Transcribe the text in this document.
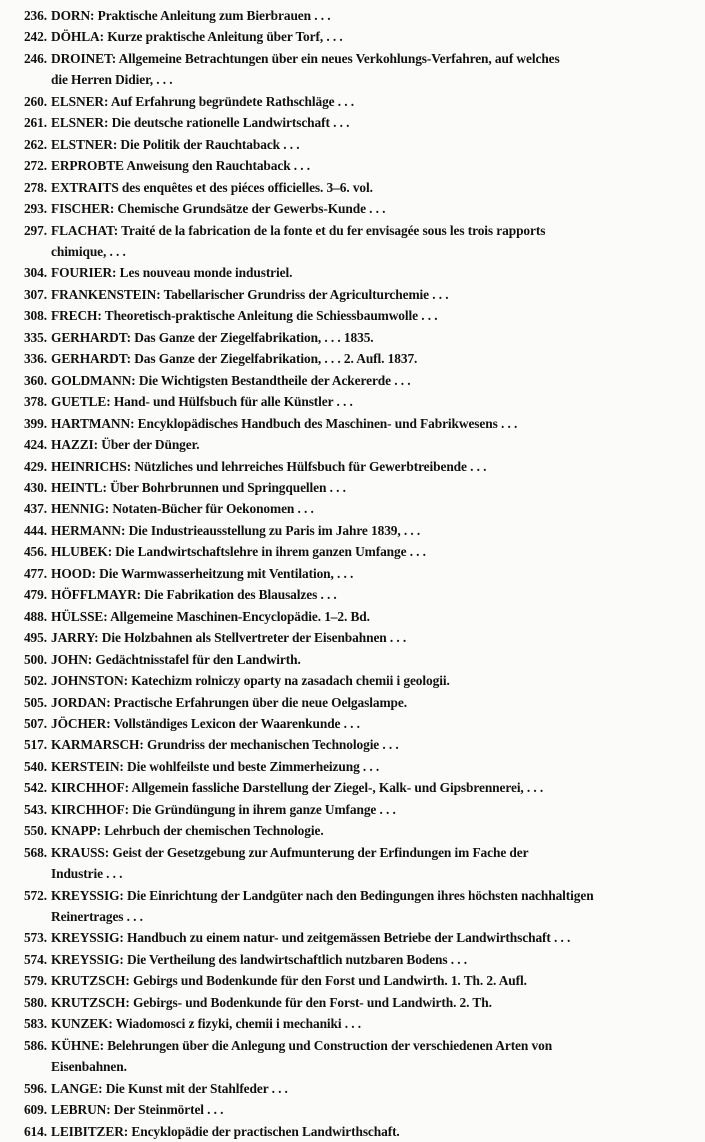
236. DORN: Praktische Anleitung zum Bierbrauen . . .
242. DÖHLA: Kurze praktische Anleitung über Torf, . . .
246. DROINET: Allgemeine Betrachtungen über ein neues Verkohlungs-Verfahren, auf welches
die Herren Didier, . . .
260. ELSNER: Auf Erfahrung begründete Rathschläge . . .
261. ELSNER: Die deutsche rationelle Landwirtschaft . . .
262. ELSTNER: Die Politik der Rauchtaback . . .
272. ERPROBTE Anweisung den Rauchtaback . . .
278. EXTRAITS des enquêtes et des piéces officielles. 3–6. vol.
293. FISCHER: Chemische Grundsätze der Gewerbs-Kunde . . .
297. FLACHAT: Traité de la fabrication de la fonte et du fer envisagée sous les trois rapports
chimique, . . .
304. FOURIER: Les nouveau monde industriel.
307. FRANKENSTEIN: Tabellarischer Grundriss der Agriculturchemie . . .
308. FRECH: Theoretisch-praktische Anleitung die Schiessbaumwolle . . .
335. GERHARDT: Das Ganze der Ziegelfabrikation, . . . 1835.
336. GERHARDT: Das Ganze der Ziegelfabrikation, . . . 2. Aufl. 1837.
360. GOLDMANN: Die Wichtigsten Bestandtheile der Ackererde . . .
378. GUETLE: Hand- und Hülfsbuch für alle Künstler . . .
399. HARTMANN: Encyklopädisches Handbuch des Maschinen- und Fabrikwesens . . .
424. HAZZI: Über der Dünger.
429. HEINRICHS: Nützliches und lehrreiches Hülfsbuch für Gewerbtreibende . . .
430. HEINTL: Über Bohrbrunnen und Springquellen . . .
437. HENNIG: Notaten-Bücher für Oekonomen . . .
444. HERMANN: Die Industrieausstellung zu Paris im Jahre 1839, . . .
456. HLUBEK: Die Landwirtschaftslehre in ihrem ganzen Umfange . . .
477. HOOD: Die Warmwasserheitzung mit Ventilation, . . .
479. HÖFFLMAYR: Die Fabrikation des Blausalzes . . .
488. HÜLSSE: Allgemeine Maschinen-Encyclopädie. 1–2. Bd.
495. JARRY: Die Holzbahnen als Stellvertreter der Eisenbahnen . . .
500. JOHN: Gedächtnisstafel für den Landwirth.
502. JOHNSTON: Katechizm rolniczy oparty na zasadach chemii i geologii.
505. JORDAN: Practische Erfahrungen über die neue Oelgaslampe.
507. JÖCHER: Vollständiges Lexicon der Waarenkunde . . .
517. KARMARSCH: Grundriss der mechanischen Technologie . . .
540. KERSTEIN: Die wohlfeilste und beste Zimmerheizung . . .
542. KIRCHHOF: Allgemein fassliche Darstellung der Ziegel-, Kalk- und Gipsbrennerei, . . .
543. KIRCHHOF: Die Gründüngung in ihrem ganze Umfange . . .
550. KNAPP: Lehrbuch der chemischen Technologie.
568. KRAUSS: Geist der Gesetzgebung zur Aufmunterung der Erfindungen im Fache der
Industrie . . .
572. KREYSSIG: Die Einrichtung der Landgüter nach den Bedingungen ihres höchsten nachhaltigen
Reinertrages . . .
573. KREYSSIG: Handbuch zu einem natur- und zeitgemässen Betriebe der Landwirthschaft . . .
574. KREYSSIG: Die Vertheilung des landwirtschaftlich nutzbaren Bodens . . .
579. KRUTZSCH: Gebirgs und Bodenkunde für den Forst und Landwirth. 1. Th. 2. Aufl.
580. KRUTZSCH: Gebirgs- und Bodenkunde für den Forst- und Landwirth. 2. Th.
583. KUNZEK: Wiadomosci z fizyki, chemii i mechaniki . . .
586. KÜHNE: Belehrungen über die Anlegung und Construction der verschiedenen Arten von
Eisenbahnen.
596. LANGE: Die Kunst mit der Stahlfeder . . .
609. LEBRUN: Der Steinmörtel . . .
614. LEIBITZER: Encyklopädie der practischen Landwirthschaft.
